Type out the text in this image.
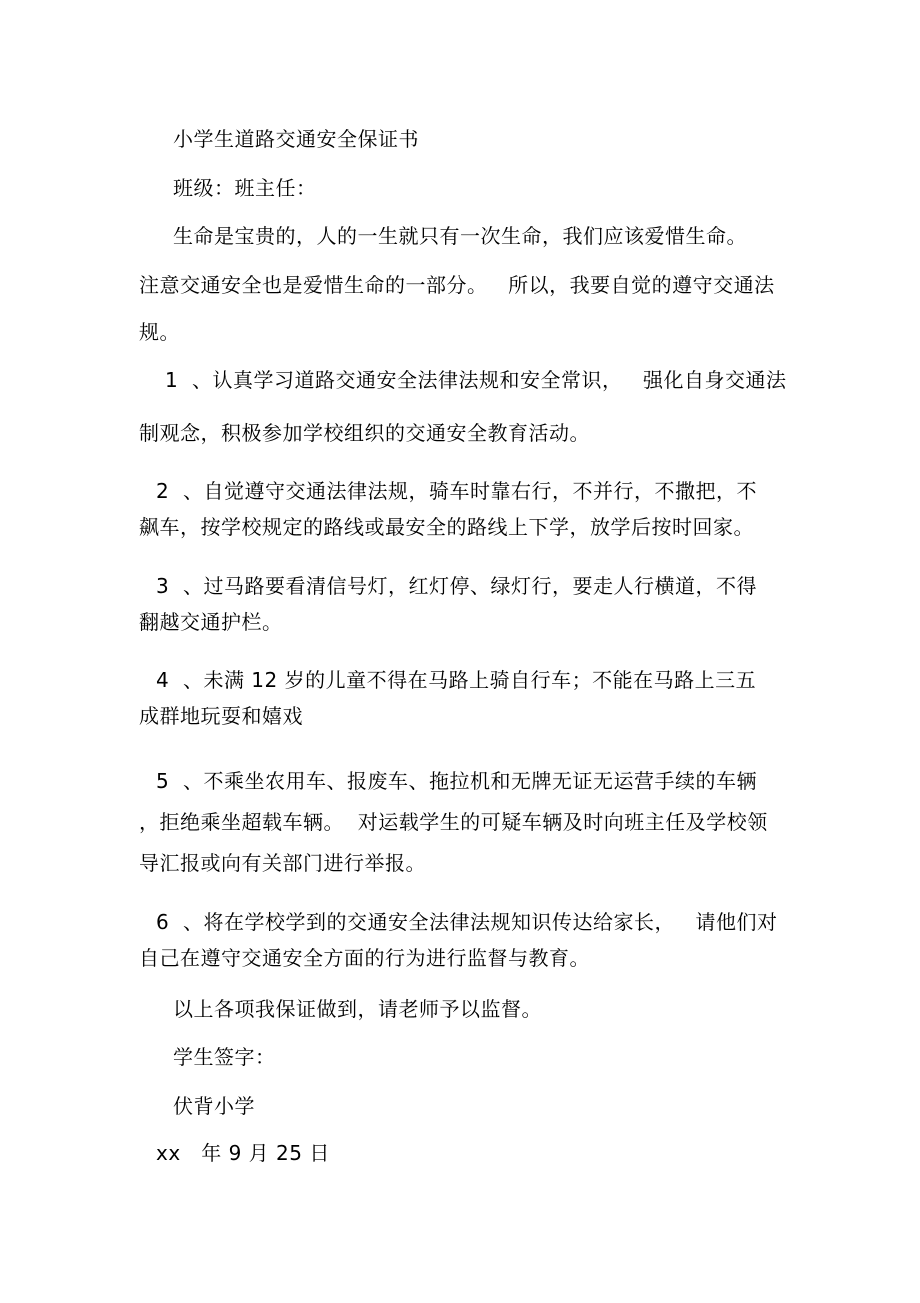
小学生道路交通安全保证书
班级：班主任：
生命是宝贵的，人的一生就只有一次生命，我们应该爱惜生命。
注意交通安全也是爱惜生命的一部分。   所以，我要自觉的遵守交通法
规。
1  、认真学习道路交通安全法律法规和安全常识，   强化自身交通法
制观念，积极参加学校组织的交通安全教育活动。
2  、自觉遵守交通法律法规，骑车时靠右行，不并行，不撒把，不
飙车，按学校规定的路线或最安全的路线上下学，放学后按时回家。
3  、过马路要看清信号灯，红灯停、绿灯行，要走人行横道，不得
翻越交通护栏。
4  、未满 12 岁的儿童不得在马路上骑自行车；不能在马路上三五
成群地玩耍和嬉戏
5  、不乘坐农用车、报废车、拖拉机和无牌无证无运营手续的车辆
，拒绝乘坐超载车辆。  对运载学生的可疑车辆及时向班主任及学校领
导汇报或向有关部门进行举报。
6  、将在学校学到的交通安全法律法规知识传达给家长，   请他们对
自己在遵守交通安全方面的行为进行监督与教育。
以上各项我保证做到，请老师予以监督。
学生签字：
伏背小学
xx   年 9 月 25 日
